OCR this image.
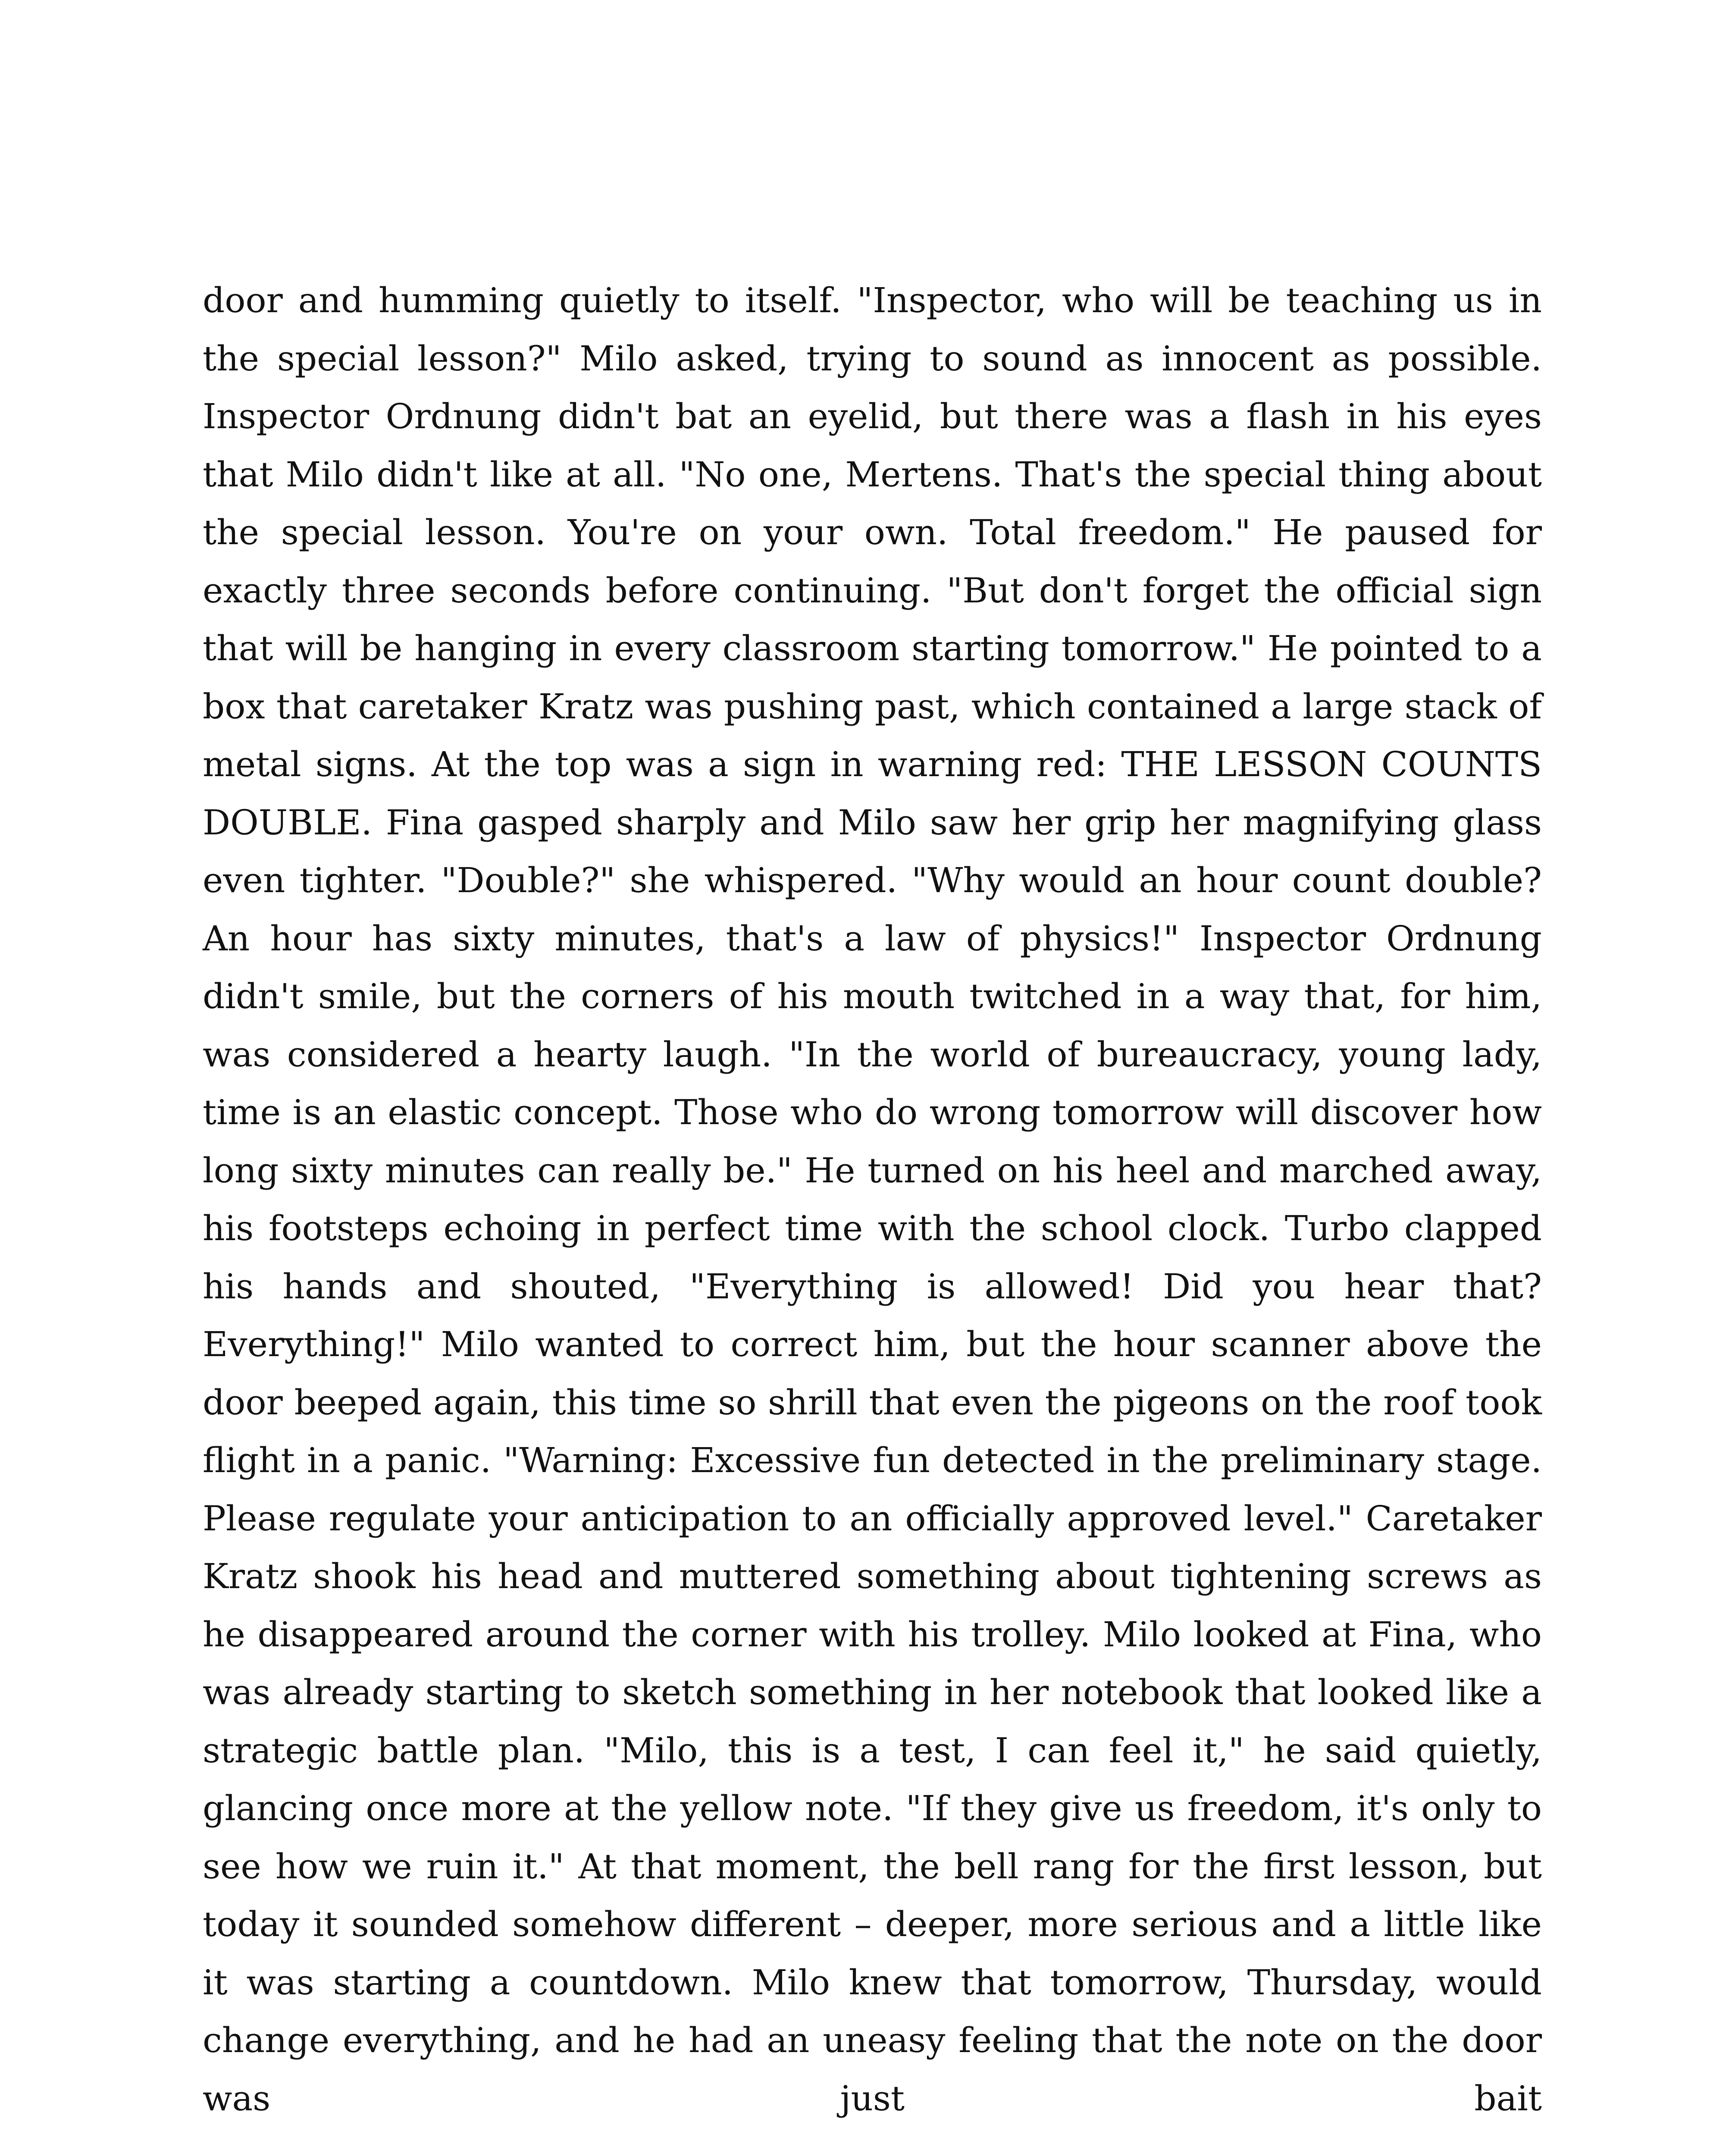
door and humming quietly to itself. "Inspector, who will be teaching us in the special lesson?" Milo asked, trying to sound as innocent as possible. Inspector Ordnung didn't bat an eyelid, but there was a flash in his eyes that Milo didn't like at all. "No one, Mertens. That's the special thing about the special lesson. You're on your own. Total freedom." He paused for exactly three seconds before continuing. "But don't forget the official sign that will be hanging in every classroom starting tomorrow." He pointed to a box that caretaker Kratz was pushing past, which contained a large stack of metal signs. At the top was a sign in warning red: THE LESSON COUNTS DOUBLE. Fina gasped sharply and Milo saw her grip her magnifying glass even tighter. "Double?" she whispered. "Why would an hour count double? An hour has sixty minutes, that's a law of physics!" Inspector Ordnung didn't smile, but the corners of his mouth twitched in a way that, for him, was considered a hearty laugh. "In the world of bureaucracy, young lady, time is an elastic concept. Those who do wrong tomorrow will discover how long sixty minutes can really be." He turned on his heel and marched away, his footsteps echoing in perfect time with the school clock. Turbo clapped his hands and shouted, "Everything is allowed! Did you hear that? Everything!" Milo wanted to correct him, but the hour scanner above the door beeped again, this time so shrill that even the pigeons on the roof took flight in a panic. "Warning: Excessive fun detected in the preliminary stage. Please regulate your anticipation to an officially approved level." Caretaker Kratz shook his head and muttered something about tightening screws as he disappeared around the corner with his trolley. Milo looked at Fina, who was already starting to sketch something in her notebook that looked like a strategic battle plan. "Milo, this is a test, I can feel it," he said quietly, glancing once more at the yellow note. "If they give us freedom, it's only to see how we ruin it." At that moment, the bell rang for the first lesson, but today it sounded somehow different – deeper, more serious and a little like it was starting a countdown. Milo knew that tomorrow, Thursday, would change everything, and he had an uneasy feeling that the note on the door was just bait
